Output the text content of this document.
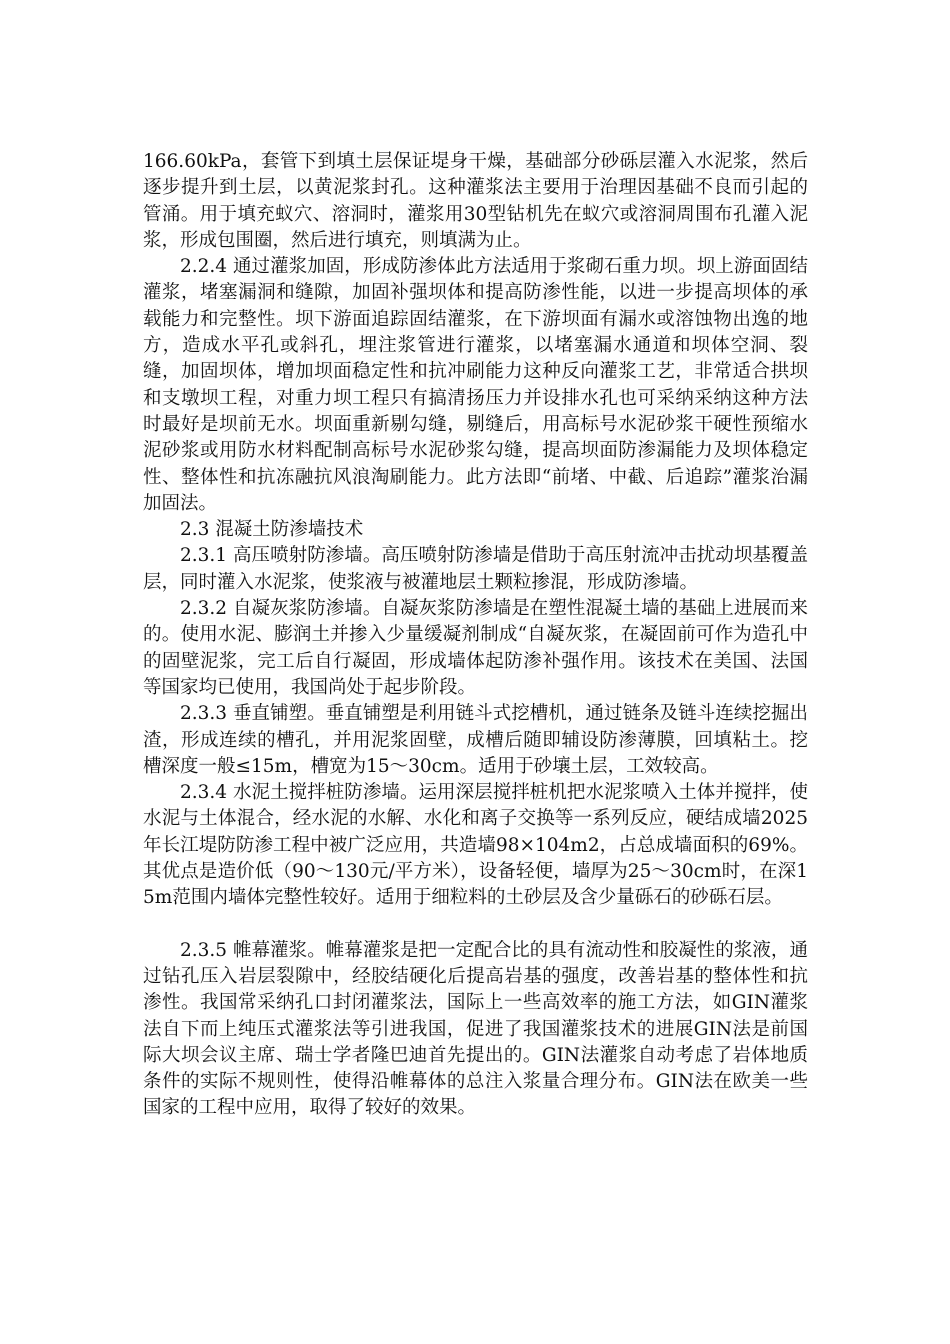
166.60kPa，套管下到填土层保证堤身干燥，基础部分砂砾层灌入水泥浆，然后逐步提升到土层，以黄泥浆封孔。这种灌浆法主要用于治理因基础不良而引起的管涌。用于填充蚁穴、溶洞时，灌浆用30型钻机先在蚁穴或溶洞周围布孔灌入泥浆，形成包围圈，然后进行填充，则填满为止。

2.2.4 通过灌浆加固，形成防渗体此方法适用于浆砌石重力坝。坝上游面固结灌浆，堵塞漏洞和缝隙，加固补强坝体和提高防渗性能，以进一步提高坝体的承载能力和完整性。坝下游面追踪固结灌浆，在下游坝面有漏水或溶蚀物出逸的地方，造成水平孔或斜孔，埋注浆管进行灌浆，以堵塞漏水通道和坝体空洞、裂缝，加固坝体，增加坝面稳定性和抗冲刷能力这种反向灌浆工艺，非常适合拱坝和支墩坝工程，对重力坝工程只有搞清扬压力并设排水孔也可采纳采纳这种方法时最好是坝前无水。坝面重新剔勾缝，剔缝后，用高标号水泥砂浆干硬性预缩水泥砂浆或用防水材料配制高标号水泥砂浆勾缝，提高坝面防渗漏能力及坝体稳定性、整体性和抗冻融抗风浪淘刷能力。此方法即“前堵、中截、后追踪”灌浆治漏加固法。

2.3 混凝土防渗墙技术

2.3.1 高压喷射防渗墙。高压喷射防渗墙是借助于高压射流冲击扰动坝基覆盖层，同时灌入水泥浆，使浆液与被灌地层土颗粒掺混，形成防渗墙。

2.3.2 自凝灰浆防渗墙。自凝灰浆防渗墙是在塑性混凝土墙的基础上进展而来的。使用水泥、膨润土并掺入少量缓凝剂制成“自凝灰浆，在凝固前可作为造孔中的固壁泥浆，完工后自行凝固，形成墙体起防渗补强作用。该技术在美国、法国等国家均已使用，我国尚处于起步阶段。

2.3.3 垂直铺塑。垂直铺塑是利用链斗式挖槽机，通过链条及链斗连续挖掘出渣，形成连续的槽孔，并用泥浆固壁，成槽后随即辅设防渗薄膜，回填粘土。挖槽深度一般≤15m，槽宽为15～30cm。适用于砂壤土层，工效较高。

2.3.4 水泥土搅拌桩防渗墙。运用深层搅拌桩机把水泥浆喷入土体并搅拌，使水泥与土体混合，经水泥的水解、水化和离子交换等一系列反应，硬结成墙2025年长江堤防防渗工程中被广泛应用，共造墙98×104m2，占总成墙面积的69%。其优点是造价低（90～130元/平方米），设备轻便，墙厚为25～30cm时，在深15m范围内墙体完整性较好。适用于细粒料的土砂层及含少量砾石的砂砾石层。

2.3.5 帷幕灌浆。帷幕灌浆是把一定配合比的具有流动性和胶凝性的浆液，通过钻孔压入岩层裂隙中，经胶结硬化后提高岩基的强度，改善岩基的整体性和抗渗性。我国常采纳孔口封闭灌浆法，国际上一些高效率的施工方法，如GIN灌浆法自下而上纯压式灌浆法等引进我国，促进了我国灌浆技术的进展GIN法是前国际大坝会议主席、瑞士学者隆巴迪首先提出的。GIN法灌浆自动考虑了岩体地质条件的实际不规则性，使得沿帷幕体的总注入浆量合理分布。GIN法在欧美一些国家的工程中应用，取得了较好的效果。
